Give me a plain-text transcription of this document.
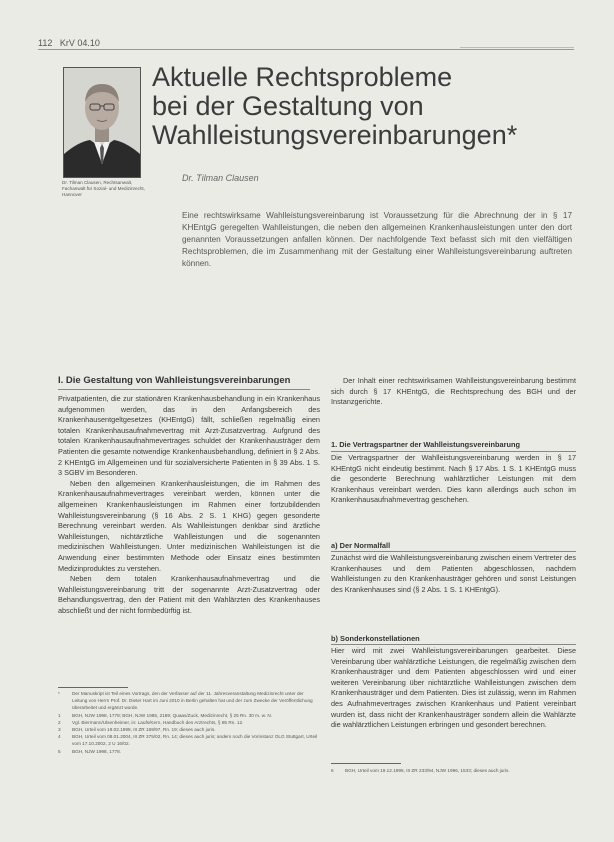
112 KrV 04.10
Dr. Tilman Clausen, Rechtsanwalt, Fachanwalt für Sozial- und Medizinrecht, Hannover
Aktuelle Rechtsprobleme
bei der Gestaltung von
Wahlleistungsvereinbarungen*
Dr. Tilman Clausen
Eine rechtswirksame Wahlleistungsvereinbarung ist Voraussetzung für die Abrechnung der in § 17 KHEntgG geregelten Wahlleistungen, die neben den allgemeinen Krankenhausleistungen unter den dort genannten Voraussetzungen anfallen können. Der nachfolgende Text befasst sich mit den vielfältigen Rechtsproblemen, die im Zusammenhang mit der Gestaltung einer Wahlleistungsvereinbarung auftreten können.
I. Die Gestaltung von Wahlleistungsvereinbarungen

Privatpatienten, die zur stationären Krankenhausbehandlung in ein Krankenhaus aufgenommen werden, das in den Anfangsbereich des Krankenhausentgeltgesetzes (KHEntgG) fällt, schließen regelmäßig einen totalen Krankenhausaufnahmevertrag mit Arzt-Zusatzvertrag. Aufgrund des totalen Krankenhausaufnahmevertrages schuldet der Krankenhausträger dem Patienten die gesamte notwendige Krankenhausbehandlung, definiert in § 2 Abs. 2 KHEntgG im Allgemeinen und für sozialversicherte Patienten in § 39 Abs. 1 S. 3 SGBV im Besonderen.

Neben den allgemeinen Krankenhausleistungen, die im Rahmen des Krankenhausaufnahmevertrages vereinbart werden, können unter die allgemeinen Krankenhausleistungen im Rahmen einer fortzubildenden Wahlleistungsvereinbarung (§ 16 Abs. 2 S. 1 KHG) gegen gesonderte Berechnung vereinbart werden. Als Wahlleistungen denkbar sind ärztliche Wahlleistungen, nichtärztliche Wahlleistungen und die sogenannten medizinischen Wahlleistungen. Unter medizinischen Wahlleistungen ist die Anwendung einer bestimmten Methode oder Einsatz eines bestimmten Medizinproduktes zu verstehen.

Neben dem totalen Krankenhausaufnahmevertrag und die Wahlleistungsvereinbarung tritt der sogenannte Arzt-Zusatzvertrag oder Behandlungsvertrag, den der Patient mit den Wahlärzten des Krankenhauses abschließt und der nicht formbedürftig ist.

Der Inhalt einer rechtswirksamen Wahlleistungsvereinbarung bestimmt sich durch § 17 KHEntgG, die Rechtsprechung des BGH und der Instanzgerichte.

1. Die Vertragspartner der Wahlleistungsvereinbarung
Die Vertragspartner der Wahlleistungsvereinbarung werden in § 17 KHEntgG nicht eindeutig bestimmt. Nach § 17 Abs. 1 S. 1 KHEntgG muss die gesonderte Berechnung wahlärztlicher Leistungen mit dem Krankenhaus vereinbart werden. Dies kann allerdings auch schon im Krankenhausaufnahmevertrag geschehen.
a) Der Normalfall
Zunächst wird die Wahlleistungsvereinbarung zwischen einem Vertreter des Krankenhauses und dem Patienten abgeschlossen, nachdem Wahlleistungen zu den Krankenhausträger gehören und sonst Leistungen des Krankenhauses sind (§ 2 Abs. 1 S. 1 KHEntgG).
b) Sonderkonstellationen
Hier wird mit zwei Wahlleistungsvereinbarungen gearbeitet. Diese Vereinbarung über wahlärztliche Leistungen, die regelmäßig zwischen dem Krankenhausträger und dem Patienten abgeschlossen wird und einer weiteren Vereinbarung über nichtärztliche Wahlleistungen zwischen dem Krankenhausträger und dem Patienten. Dies ist zulässig, wenn im Rahmen des Aufnahmevertrages zwischen Krankenhaus und Patient vereinbart wurden ist, dass nicht der Krankenhausträger sondern allein die Wahlärzte die wahlärztlichen Leistungen erbringen und gesondert berechnen.
*	Der Manuskript ist Teil eines Vortrags, den der Verfasser auf der 11. Jahresveranstaltung Medizinrecht unter der Leitung von Herrn Prof. Dr. Dieter Hart im Juni 2010 in Berlin gehalten hat und der zum Zwecke der Veröffentlichung überarbeitet und ergänzt wurde.
1	BGH, NJW 1998, 1778; BGH, NJW 1985, 2189; Quaas/Zuck, Medizinrecht, § 25 Rn. 30 m. w. N.
2	Vgl. Biermann/Ulsenheimer, in: Laufs/Kern, Handbuch des Arztrechts, § 85 Rn. 12.
3	BGH, Urteil vom 19.02.1998, III ZR 169/97, Rn. 19; dieses auch juris.
4	BGH, Urteil vom 08.01.2004, III ZR 375/02, Rn. 14; dieses auch juris; anders noch die Vorinstanz OLG Stuttgart, Urteil vom 17.10.2002, 2 U 16/02.
5	BGH, NJW 1998, 1778.
6	BGH, Urteil vom 19.12.1995, III ZR 233/94, NJW 1996, 1533; dieses auch juris.
